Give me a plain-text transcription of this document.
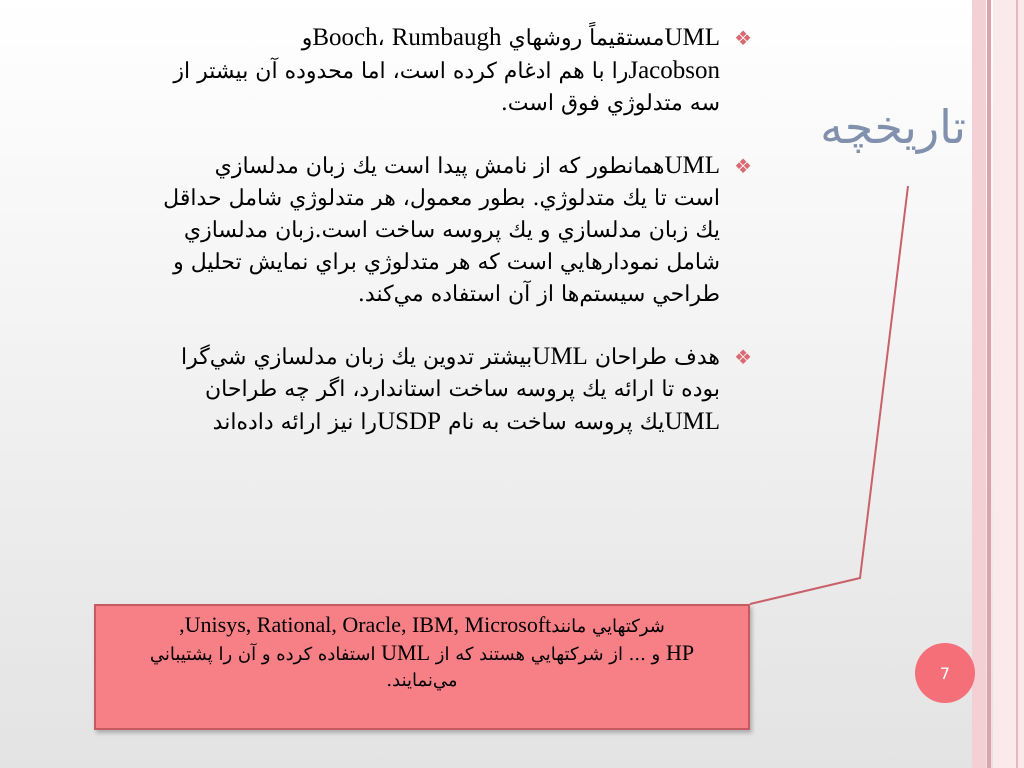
تاريخچه
❖
UMLمستقيماً روشهاي Booch، Rumbaughو
Jacobsonرا با هم ادغام كرده است، اما محدوده آن بيشتر از
سه متدلوژي فوق است.
❖
UMLهمانطور كه از نامش پيدا است يك زبان مدلسازي
است تا يك متدلوژي. بطور معمول، هر متدلوژي شامل حداقل
يك زبان مدلسازي و يك پروسه ساخت است.زبان مدلسازي
شامل نمودارهايي است كه هر متدلوژي براي نمايش تحليل و
طراحي سيستم‌ها از آن استفاده مي‌كند.
❖
هدف طراحان UMLبيشتر تدوين يك زبان مدلسازي شي‌گرا
بوده تا ارائه يك پروسه ساخت استاندارد، اگر چه طراحان
UMLيك پروسه ساخت به نام USDPرا نيز ارائه داده‌اند
شركتهايي مانندUnisys, Rational, Oracle, IBM, Microsoft,
HP و ... از شركتهايي هستند كه از UML استفاده كرده و آن را پشتيباني
مي‌نمايند.	7
